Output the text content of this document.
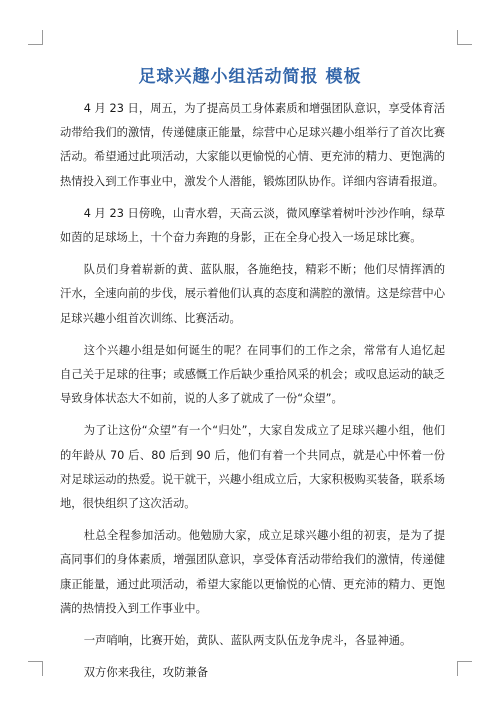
足球兴趣小组活动简报 模板

4 月 23 日，周五，为了提高员工身体素质和增强团队意识，享受体育活动带给我们的激情，传递健康正能量，综营中心足球兴趣小组举行了首次比赛活动。希望通过此项活动，大家能以更愉悦的心情、更充沛的精力、更饱满的热情投入到工作事业中，激发个人潜能，锻炼团队协作。详细内容请看报道。

4 月 23 日傍晚，山青水碧，天高云淡，微风摩挲着树叶沙沙作响，绿草如茵的足球场上，十个奋力奔跑的身影，正在全身心投入一场足球比赛。

队员们身着崭新的黄、蓝队服，各施绝技，精彩不断；他们尽情挥洒的汗水，全速向前的步伐，展示着他们认真的态度和满腔的激情。这是综营中心足球兴趣小组首次训练、比赛活动。

这个兴趣小组是如何诞生的呢？在同事们的工作之余，常常有人追忆起自己关于足球的往事；或感慨工作后缺少重拾风采的机会；或叹息运动的缺乏导致身体状态大不如前，说的人多了就成了一份“众望”。

为了让这份“众望”有一个“归处”，大家自发成立了足球兴趣小组，他们的年龄从 70 后、80 后到 90 后，他们有着一个共同点，就是心中怀着一份对足球运动的热爱。说干就干，兴趣小组成立后，大家积极购买装备，联系场地，很快组织了这次活动。

杜总全程参加活动。他勉励大家，成立足球兴趣小组的初衷，是为了提高同事们的身体素质，增强团队意识，享受体育活动带给我们的激情，传递健康正能量，通过此项活动，希望大家能以更愉悦的心情、更充沛的精力、更饱满的热情投入到工作事业中。

一声哨响，比赛开始，黄队、蓝队两支队伍龙争虎斗，各显神通。

双方你来我往，攻防兼备
